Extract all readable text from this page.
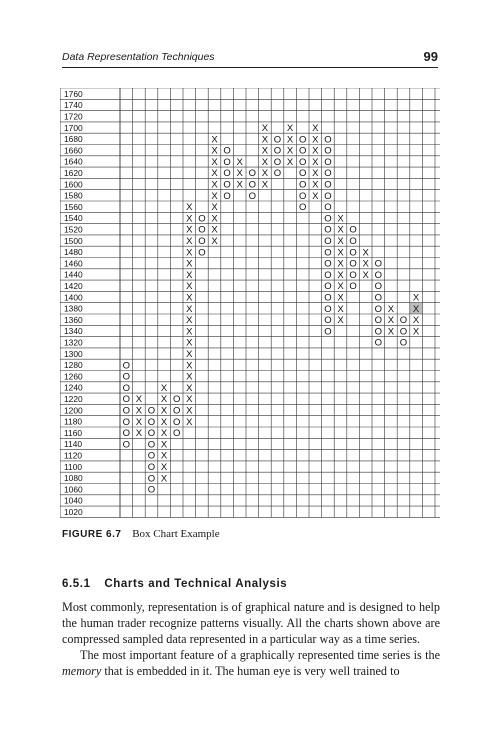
Data Representation Techniques	99
1760
1740
1720
1700
1680
1660
1640
1620
1600
1580
1560
1540
1520
1500
1480
1460
1440
1420
1400
1380
1360
1340
1320
1300
1280
1260
1240
1220
1200
1180
1160
1140
1120
1100
1080
1060
1040
1020
O
O
O
O
O
O
O
O
X
X
X
X
O
O
O
O
O
O
O
O
X
X
X
X
X
X
X
X
X
O
O
O
O
X
X
X
X
X
X
X
X
X
X
X
X
X
X
X
X
X
X
X
X
O
O
O
O
X
X
X
X
X
X
X
X
X
X
O
O
O
O
O
X
X
X
O
O
O
X
X
X
X
X
X
O
O
O
O
X
X
X
X
O
O
O
O
O
O
O
X
X
X
X
X
X
X
O
O
O
O
O
O
O
O
O
O
O
O
O
O
O
O
O
O
X
X
X
X
X
X
X
X
X
X
O
O
O
O
O
O
X
X
X
O
O
O
O
O
O
O
O
X
X
X
O
O
O
X
X
X
X
FIGURE 6.7 Box Chart Example
6.5.1 Charts and Technical Analysis

Most commonly, representation is of graphical nature and is designed to help the human trader recognize patterns visually. All the charts shown above are compressed sampled data represented in a particular way as a time series.

The most important feature of a graphically represented time series is the memory that is embedded in it. The human eye is very well trained to
